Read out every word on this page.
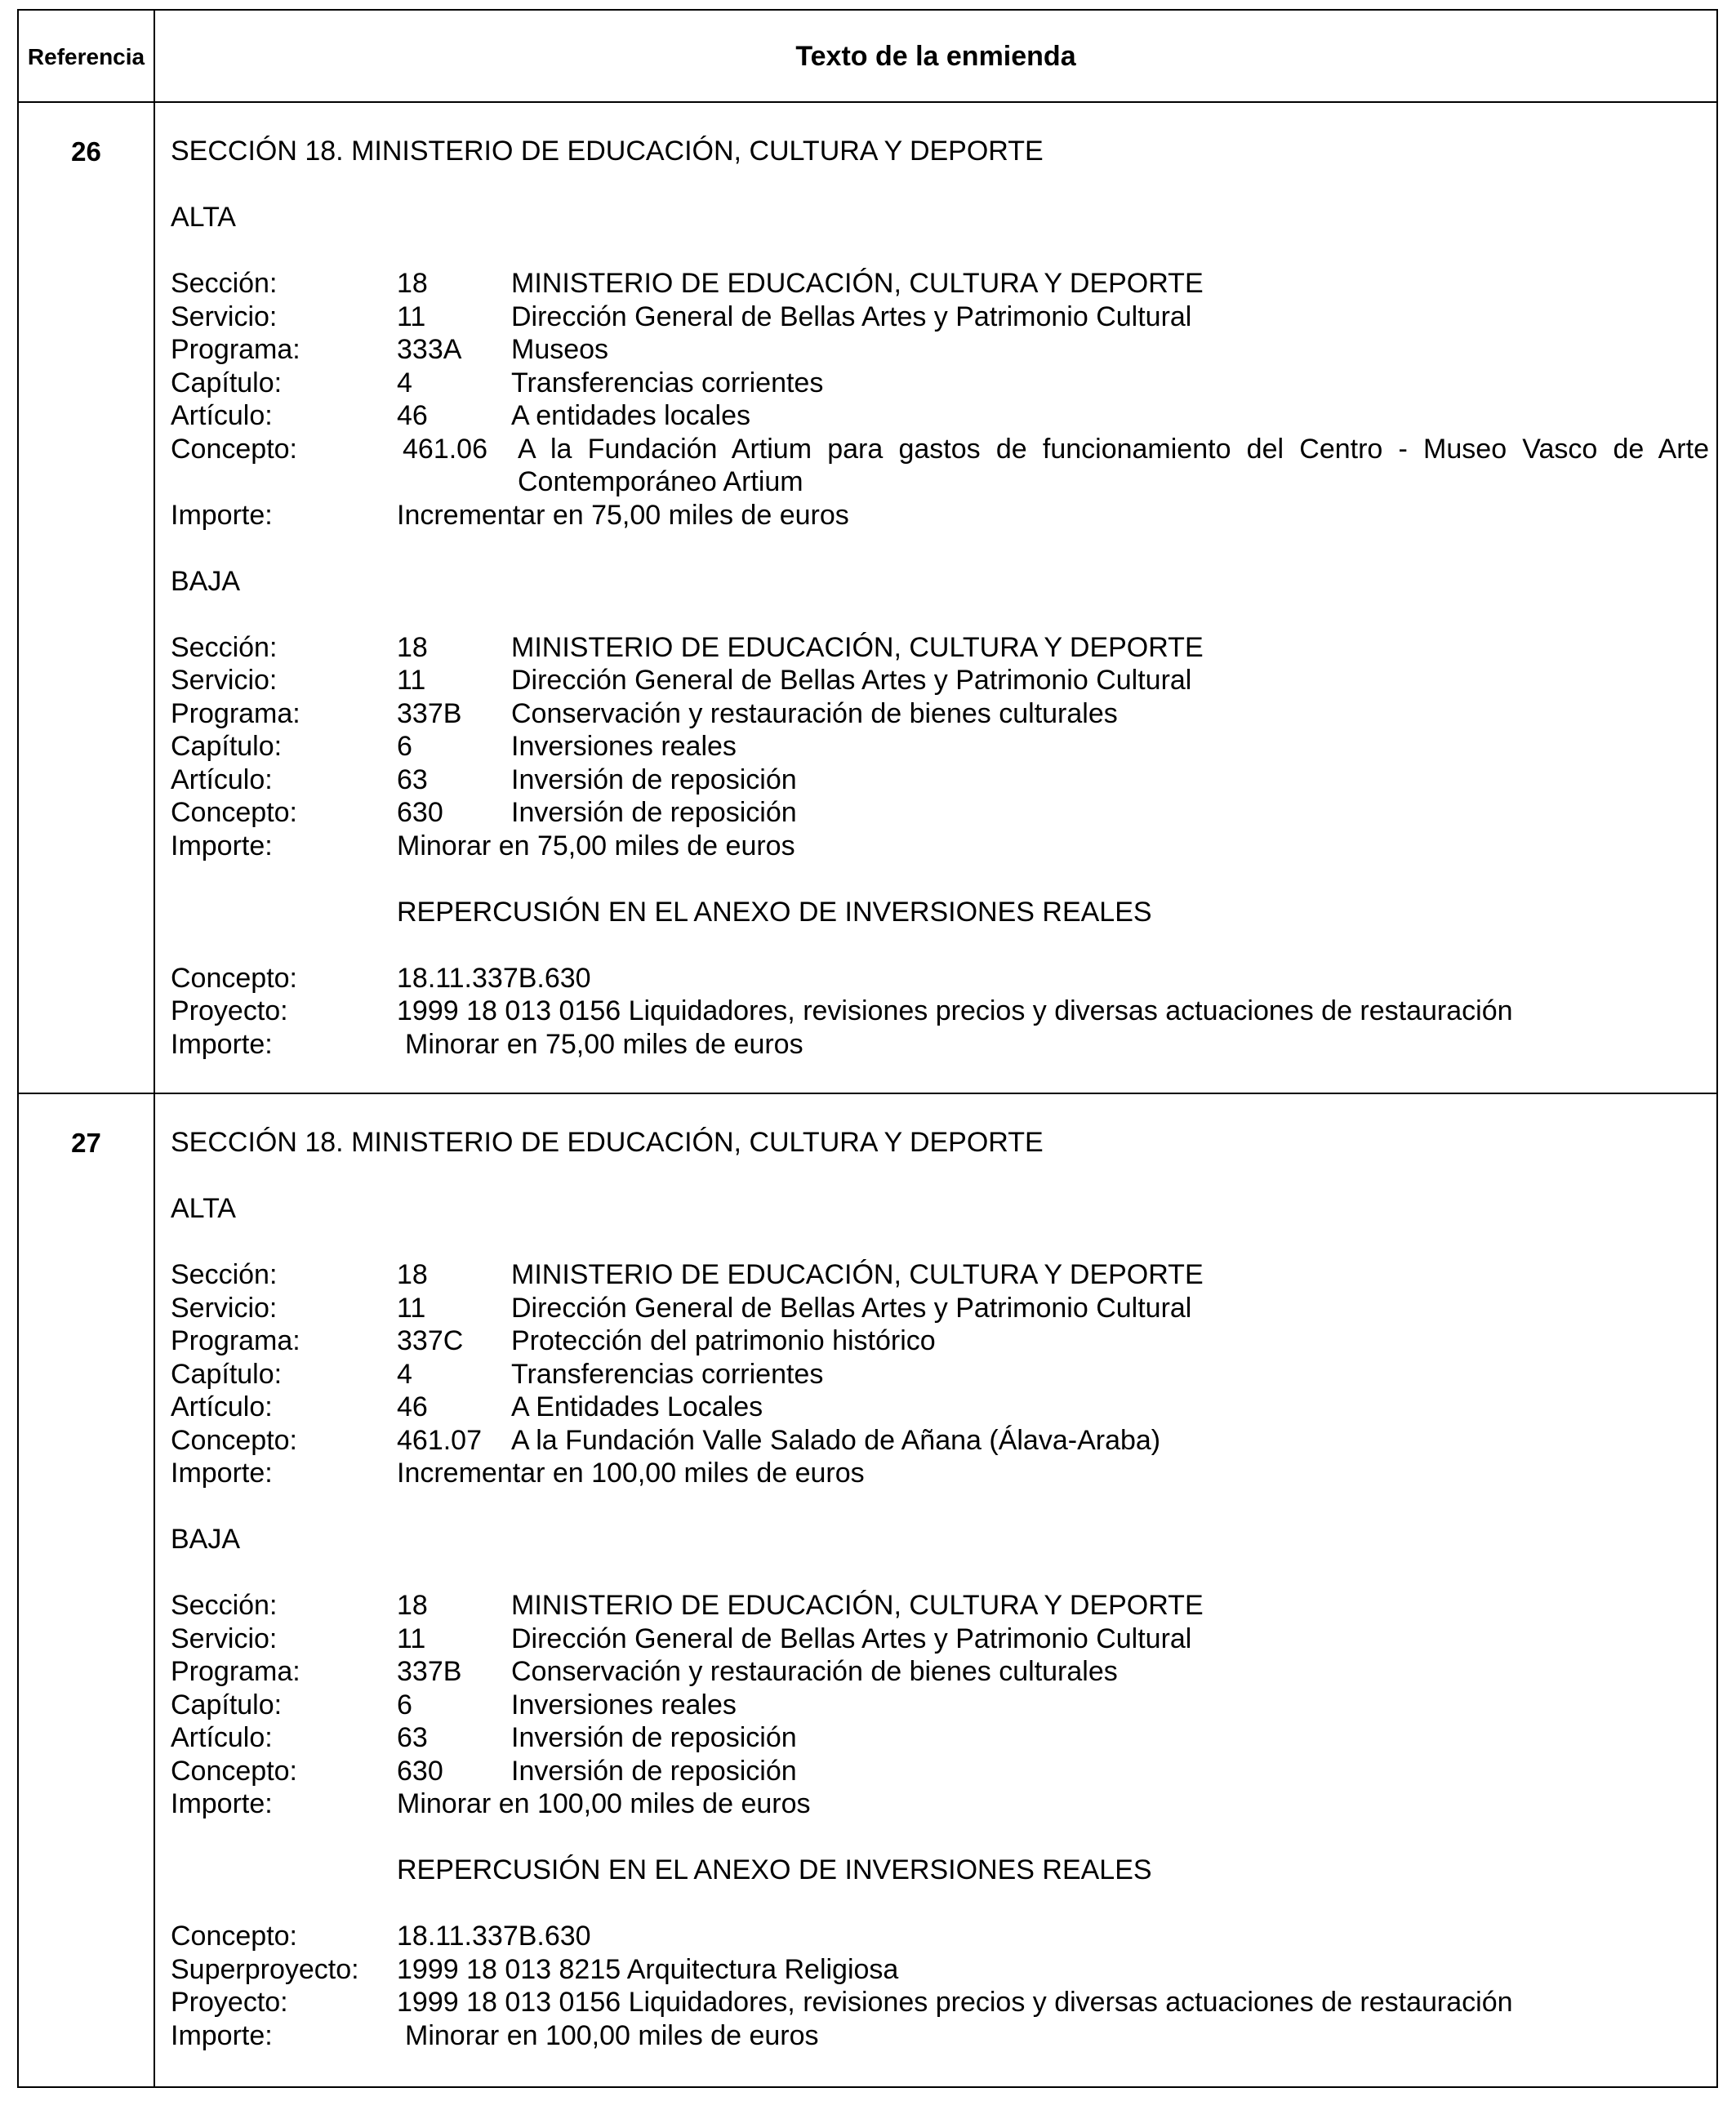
Referencia	Texto de la enmienda
26	SECCIÓN 18. MINISTERIO DE EDUCACIÓN, CULTURA Y DEPORTE
ALTA
Sección:	18	MINISTERIO DE EDUCACIÓN, CULTURA Y DEPORTE
Servicio:	11	Dirección General de Bellas Artes y Patrimonio Cultural
Programa:	333A Museos
Capítulo:	4	Transferencias corrientes
Artículo:	46	A entidades locales
Concepto:	461.06 A la Fundación Artium para gastos de funcionamiento del Centro - Museo Vasco de Arte Contemporáneo Artium
Importe:	Incrementar en 75,00 miles de euros
BAJA
Sección:	18	MINISTERIO DE EDUCACIÓN, CULTURA Y DEPORTE
Servicio:	11	Dirección General de Bellas Artes y Patrimonio Cultural
Programa:	337B Conservación y restauración de bienes culturales
Capítulo:	6	Inversiones reales
Artículo:	63	Inversión de reposición
Concepto:	630 Inversión de reposición
Importe:	Minorar en 75,00 miles de euros
REPERCUSIÓN EN EL ANEXO DE INVERSIONES REALES
Concepto:	18.11.337B.630
Proyecto:	1999 18 013 0156 Liquidadores, revisiones precios y diversas actuaciones de restauración
Importe:	Minorar en 75,00 miles de euros
27	SECCIÓN 18. MINISTERIO DE EDUCACIÓN, CULTURA Y DEPORTE
ALTA
Sección:	18	MINISTERIO DE EDUCACIÓN, CULTURA Y DEPORTE
Servicio:	11	Dirección General de Bellas Artes y Patrimonio Cultural
Programa:	337C Protección del patrimonio histórico
Capítulo:	4	Transferencias corrientes
Artículo:	46	A Entidades Locales
Concepto:	461.07 A la Fundación Valle Salado de Añana (Álava-Araba)
Importe:	Incrementar en 100,00 miles de euros
BAJA
Sección:	18	MINISTERIO DE EDUCACIÓN, CULTURA Y DEPORTE
Servicio:	11	Dirección General de Bellas Artes y Patrimonio Cultural
Programa:	337B Conservación y restauración de bienes culturales
Capítulo:	6	Inversiones reales
Artículo:	63	Inversión de reposición
Concepto:	630 Inversión de reposición
Importe:	Minorar en 100,00 miles de euros
REPERCUSIÓN EN EL ANEXO DE INVERSIONES REALES
Concepto:	18.11.337B.630
Superproyecto: 1999 18 013 8215 Arquitectura Religiosa
Proyecto:	1999 18 013 0156 Liquidadores, revisiones precios y diversas actuaciones de restauración
Importe:	Minorar en 100,00 miles de euros
